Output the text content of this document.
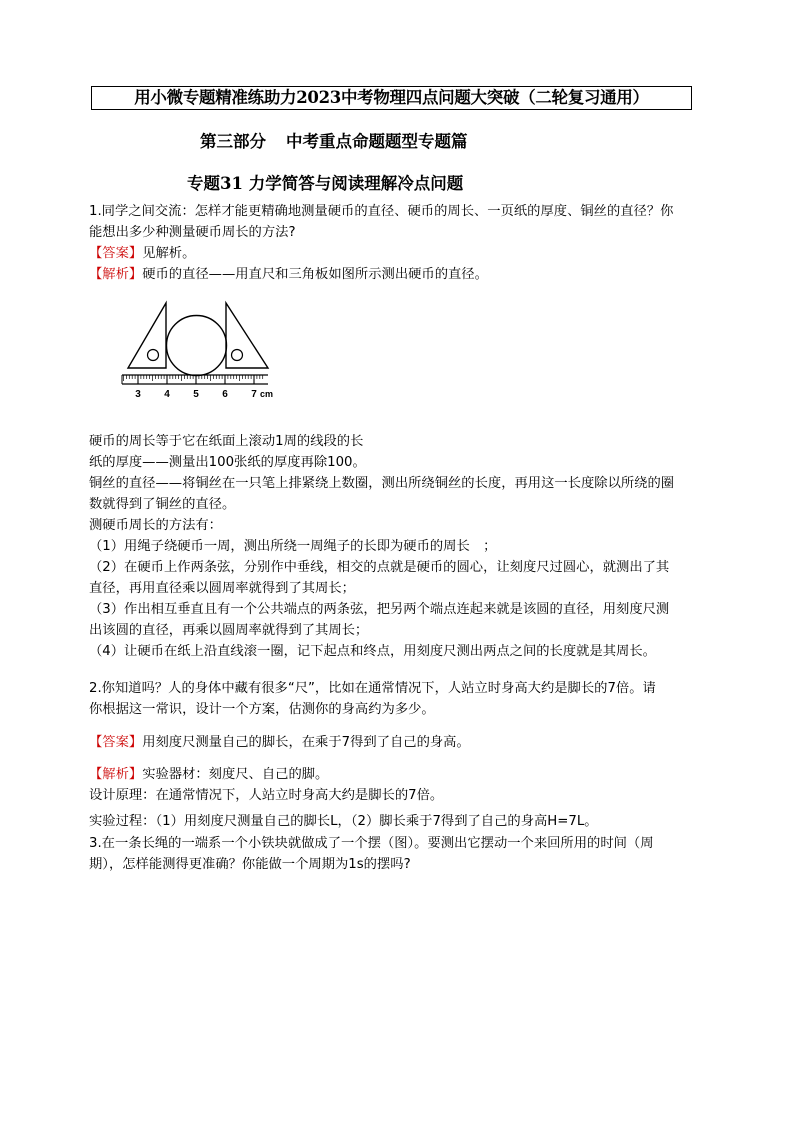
用小微专题精准练助力2023中考物理四点问题大突破（二轮复习通用）
第三部分 中考重点命题题型专题篇
专题31 力学简答与阅读理解冷点问题
1.同学之间交流：怎样才能更精确地测量硬币的直径、硬币的周长、一页纸的厚度、铜丝的直径？你
能想出多少种测量硬币周长的方法?
【答案】见解析。
【解析】硬币的直径——用直尺和三角板如图所示测出硬币的直径。
3 4 5 6 7 cm
硬币的周长等于它在纸面上滚动1周的线段的长
纸的厚度——测量出100张纸的厚度再除100。
铜丝的直径——将铜丝在一只笔上排紧绕上数圈，测出所绕铜丝的长度，再用这一长度除以所绕的圈
数就得到了铜丝的直径。
测硬币周长的方法有：
（1）用绳子绕硬币一周，测出所绕一周绳子的长即为硬币的周长　；
（2）在硬币上作两条弦，分别作中垂线，相交的点就是硬币的圆心，让刻度尺过圆心，就测出了其
直径，再用直径乘以圆周率就得到了其周长；
（3）作出相互垂直且有一个公共端点的两条弦，把另两个端点连起来就是该圆的直径，用刻度尺测
出该圆的直径，再乘以圆周率就得到了其周长；
（4）让硬币在纸上沿直线滚一圈，记下起点和终点，用刻度尺测出两点之间的长度就是其周长。
2.你知道吗？人的身体中藏有很多“尺”，比如在通常情况下，人站立时身高大约是脚长的7倍。请
你根据这一常识，设计一个方案，估测你的身高约为多少。
【答案】用刻度尺测量自己的脚长，在乘于7得到了自己的身高。
【解析】实验器材：刻度尺、自己的脚。
设计原理：在通常情况下，人站立时身高大约是脚长的7倍。
实验过程：（1）用刻度尺测量自己的脚长L，（2）脚长乘于7得到了自己的身高H=7L。
3.在一条长绳的一端系一个小铁块就做成了一个摆（图）。要测出它摆动一个来回所用的时间（周
期），怎样能测得更准确？你能做一个周期为1s的摆吗?
